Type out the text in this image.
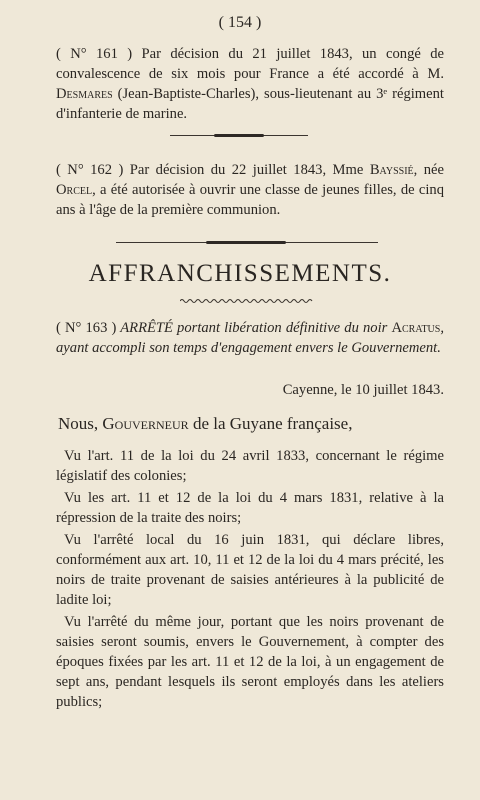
( 154 )
( N° 161 ) Par décision du 21 juillet 1843, un congé de convalescence de six mois pour France a été accordé à M. Desmares (Jean-Baptiste-Charles), sous-lieutenant au 3ᵉ régiment d'infanterie de marine.
( N° 162 ) Par décision du 22 juillet 1843, Mme Bayssié, née Orcel, a été autorisée à ouvrir une classe de jeunes filles, de cinq ans à l'âge de la première communion.
AFFRANCHISSEMENTS.
( N° 163 ) ARRÊTÉ portant libération définitive du noir Acratus, ayant accompli son temps d'engagement envers le Gouvernement.
Cayenne, le 10 juillet 1843.
Nous, Gouverneur de la Guyane française,
Vu l'art. 11 de la loi du 24 avril 1833, concernant le régime législatif des colonies;
Vu les art. 11 et 12 de la loi du 4 mars 1831, relative à la répression de la traite des noirs;
Vu l'arrêté local du 16 juin 1831, qui déclare libres, conformément aux art. 10, 11 et 12 de la loi du 4 mars précité, les noirs de traite provenant de saisies antérieures à la publicité de ladite loi;
Vu l'arrêté du même jour, portant que les noirs provenant de saisies seront soumis, envers le Gouvernement, à compter des époques fixées par les art. 11 et 12 de la loi, à un engagement de sept ans, pendant lesquels ils seront employés dans les ateliers publics;
